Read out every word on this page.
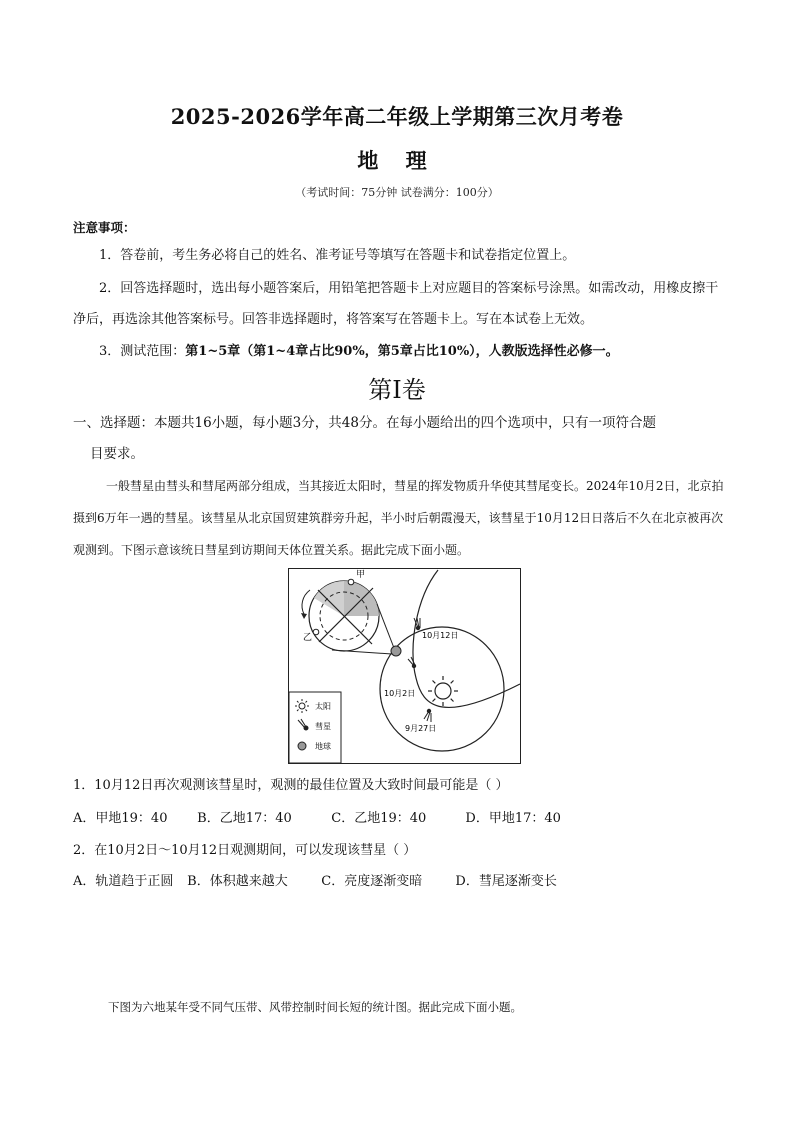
2025-2026学年高二年级上学期第三次月考卷
地 理
（考试时间：75分钟 试卷满分：100分）
注意事项：
1．答卷前，考生务必将自己的姓名、准考证号等填写在答题卡和试卷指定位置上。
2．回答选择题时，选出每小题答案后，用铅笔把答题卡上对应题目的答案标号涂黑。如需改动，用橡皮擦干净后，再选涂其他答案标号。回答非选择题时，将答案写在答题卡上。写在本试卷上无效。
3．测试范围：第1~5章（第1~4章占比90%，第5章占比10%），人教版选择性必修一。
第Ⅰ卷
一、选择题：本题共16小题，每小题3分，共48分。在每小题给出的四个选项中，只有一项符合题
目要求。
一般彗星由彗头和彗尾两部分组成，当其接近太阳时，彗星的挥发物质升华使其彗尾变长。2024年10月2日，北京拍摄到6万年一遇的彗星。该彗星从北京国贸建筑群旁升起，半小时后朝霞漫天，该彗星于10月12日日落后不久在北京被再次观测到。下图示意该统日彗星到访期间天体位置关系。据此完成下面小题。
甲
乙	10月12日
10月2日
9月27日
太阳
彗星
地球
1．10月12日再次观测该彗星时，观测的最佳位置及大致时间最可能是（ ）
A．甲地19：40 B．乙地17：40	C．乙地19：40	D．甲地17：40
2．在10月2日～10月12日观测期间，可以发现该彗星（ ）
A．轨道趋于正圆 B．体积越来越大	C．亮度逐渐变暗	D．彗尾逐渐变长
下图为六地某年受不同气压带、风带控制时间长短的统计图。据此完成下面小题。
